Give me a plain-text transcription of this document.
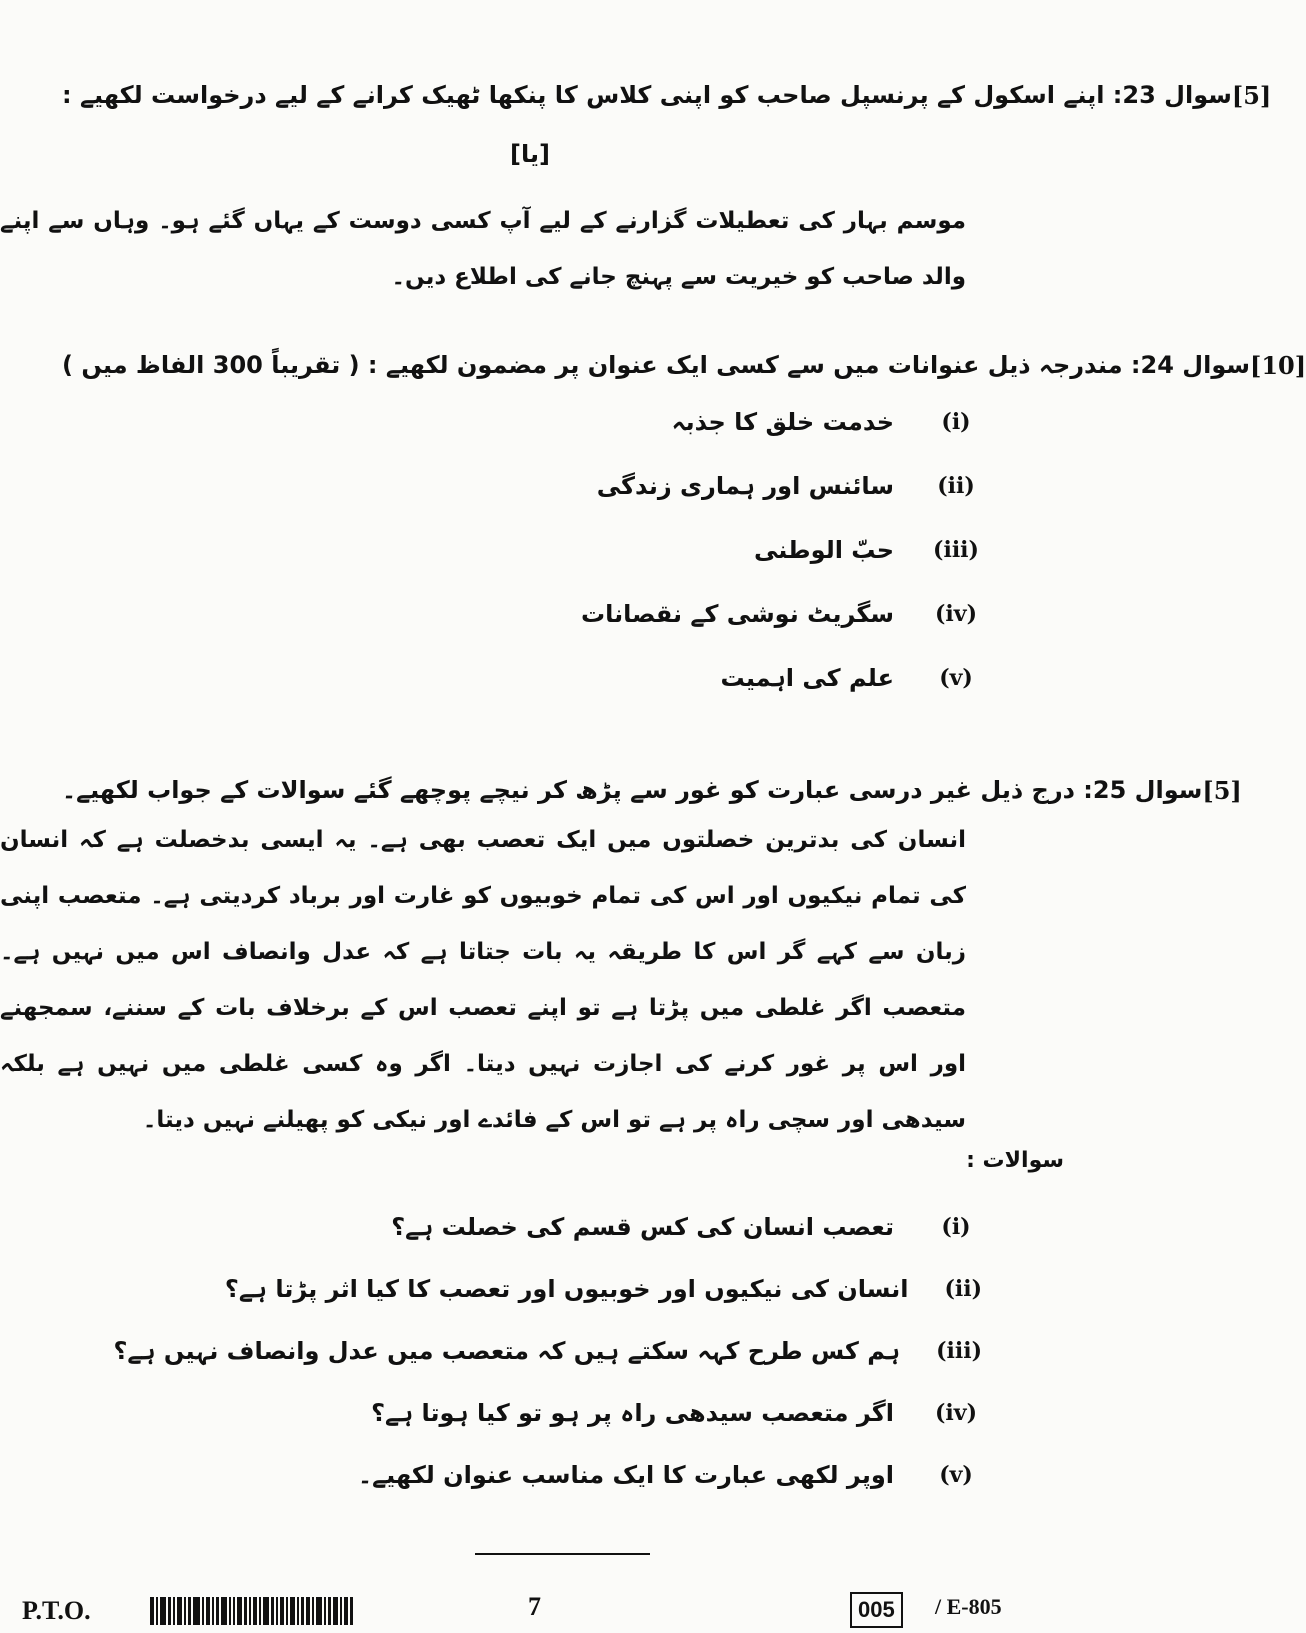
سوال 23: اپنے اسکول کے پرنسپل صاحب کو اپنی کلاس کا پنکھا ٹھیک کرانے کے لیے درخواست لکھیے : [5]
[یا]
موسم بہار کی تعطیلات گزارنے کے لیے آپ کسی دوست کے یہاں گئے ہو۔ وہاں سے اپنے والد صاحب کو خیریت سے پہنچ جانے کی اطلاع دیں۔
سوال 24: مندرجہ ذیل عنوانات میں سے کسی ایک عنوان پر مضمون لکھیے : ( تقریباً 300 الفاظ میں ) [10]
(i)
خدمت خلق کا جذبہ
(ii)
سائنس اور ہماری زندگی
(iii)
حبّ الوطنی
(iv)
سگریٹ نوشی کے نقصانات
(v)
علم کی اہمیت
سوال 25: درج ذیل غیر درسی عبارت کو غور سے پڑھ کر نیچے پوچھے گئے سوالات کے جواب لکھیے۔ [5]
انسان کی بدترین خصلتوں میں ایک تعصب بھی ہے۔ یہ ایسی بدخصلت ہے کہ انسان کی تمام نیکیوں اور اس کی تمام خوبیوں کو غارت اور برباد کردیتی ہے۔ متعصب اپنی زبان سے کہے گر اس کا طریقہ یہ بات جتاتا ہے کہ عدل وانصاف اس میں نہیں ہے۔ متعصب اگر غلطی میں پڑتا ہے تو اپنے تعصب اس کے برخلاف بات کے سننے، سمجھنے اور اس پر غور کرنے کی اجازت نہیں دیتا۔ اگر وہ کسی غلطی میں نہیں ہے بلکہ سیدھی اور سچی راہ پر ہے تو اس کے فائدے اور نیکی کو پھیلنے نہیں دیتا۔
سوالات :
(i)
تعصب انسان کی کس قسم کی خصلت ہے؟
(ii)
انسان کی نیکیوں اور خوبیوں اور تعصب کا کیا اثر پڑتا ہے؟
(iii)
ہم کس طرح کہہ سکتے ہیں کہ متعصب میں عدل وانصاف نہیں ہے؟
(iv)
اگر متعصب سیدھی راہ پر ہو تو کیا ہوتا ہے؟
(v)
اوپر لکھی عبارت کا ایک مناسب عنوان لکھیے۔
P.T.O.	7	005	/ E-805
